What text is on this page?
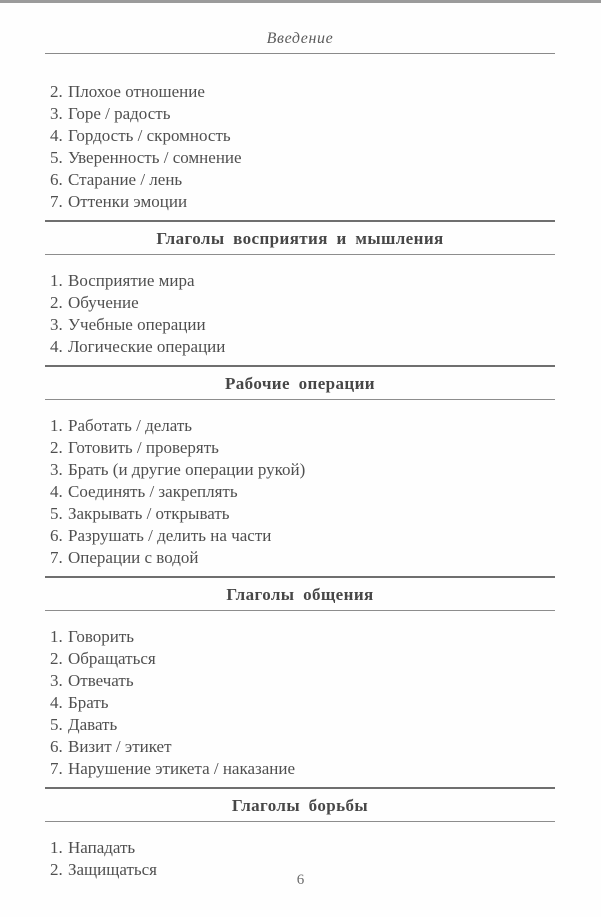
Введение
2. Плохое отношение
3. Горе / радость
4. Гордость / скромность
5. Уверенность / сомнение
6. Старание / лень
7. Оттенки эмоции
Глаголы восприятия и мышления
1. Восприятие мира
2. Обучение
3. Учебные операции
4. Логические операции
Рабочие операции
1. Работать / делать
2. Готовить / проверять
3. Брать (и другие операции рукой)
4. Соединять / закреплять
5. Закрывать / открывать
6. Разрушать / делить на части
7. Операции с водой
Глаголы общения
1. Говорить
2. Обращаться
3. Отвечать
4. Брать
5. Давать
6. Визит / этикет
7. Нарушение этикета / наказание
Глаголы борьбы
1. Нападать
2. Защищаться
6
